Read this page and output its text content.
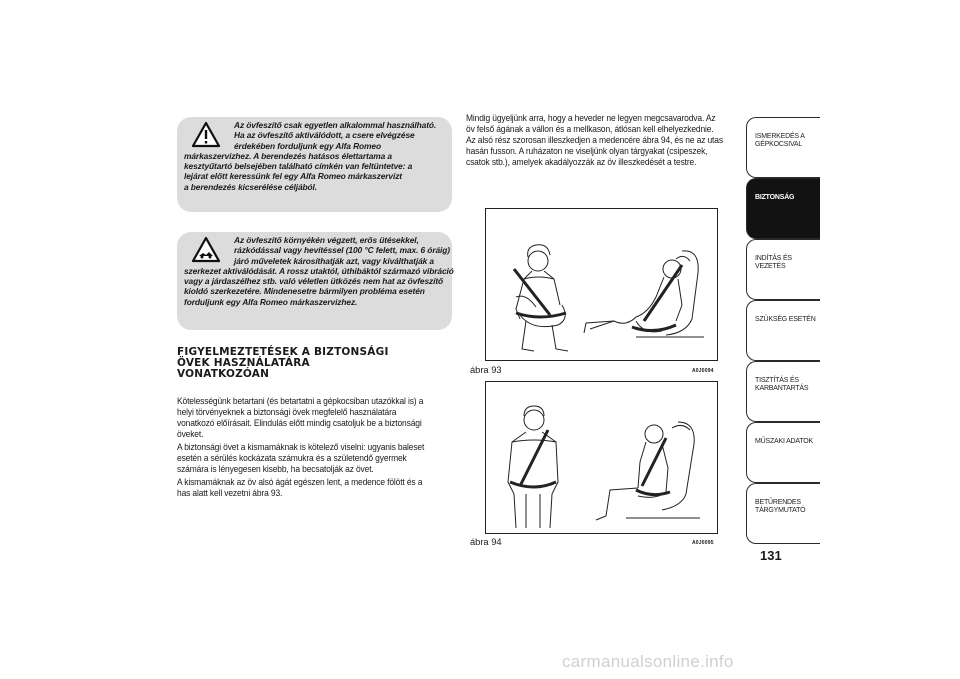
Az övfeszítő csak egyetlen alkalommal használható.
Ha az övfeszítő aktiválódott, a csere elvégzése
érdekében forduljunk egy Alfa Romeo
márkaszervizhez. A berendezés hatásos élettartama a
kesztyűtartó belsejében található címkén van feltüntetve: a
lejárat előtt keressünk fel egy Alfa Romeo márkaszervizt
a berendezés kicserélése céljából.
Az övfeszítő környékén végzett, erős ütésekkel,
rázkódással vagy hevítéssel (100 °C felett, max. 6 óráig)
járó műveletek károsíthatják azt, vagy kiválthatják a
szerkezet aktiválódását. A rossz utaktól, úthibáktól származó vibráció
vagy a járdaszélhez stb. való véletlen ütközés nem hat az övfeszítő
kioldó szerkezetére. Mindenesetre bármilyen probléma esetén
forduljunk egy Alfa Romeo márkaszervizhez.
FIGYELMEZTETÉSEK A BIZTONSÁGI
ÖVEK HASZNÁLATÁRA
VONATKOZÓAN
Kötelességünk betartani (és betartatni a gépkocsiban utazókkal is) a
helyi törvényeknek a biztonsági övek megfelelő használatára
vonatkozó előírásait. Elindulás előtt mindig csatoljuk be a biztonsági
öveket.
A biztonsági övet a kismamáknak is kötelező viselni: ugyanis baleset
esetén a sérülés kockázata számukra és a születendő gyermek
számára is lényegesen kisebb, ha becsatolják az övet.
A kismamáknak az öv alsó ágát egészen lent, a medence fölött és a
has alatt kell vezetni ábra 93.
Mindig ügyeljünk arra, hogy a heveder ne legyen megcsavarodva. Az
öv felső ágának a vállon és a mellkason, átlósan kell elhelyezkednie.
Az alsó rész szorosan illeszkedjen a medencére ábra 94, és ne az utas
hasán fusson. A ruházaton ne viseljünk olyan tárgyakat (csipeszek,
csatok stb.), amelyek akadályozzák az öv illeszkedését a testre.
ábra 93	A0J0094
ábra 94	A0J0095
ISMERKEDÉS A
GÉPKOCSIVAL
BIZTONSÁG
INDÍTÁS ÉS VEZETÉS
SZÜKSÉG ESETÉN
TISZTÍTÁS ÉS
KARBANTARTÁS
MŰSZAKI ADATOK
BETŰRENDES
TÁRGYMUTATÓ
131
carmanualsonline.info
